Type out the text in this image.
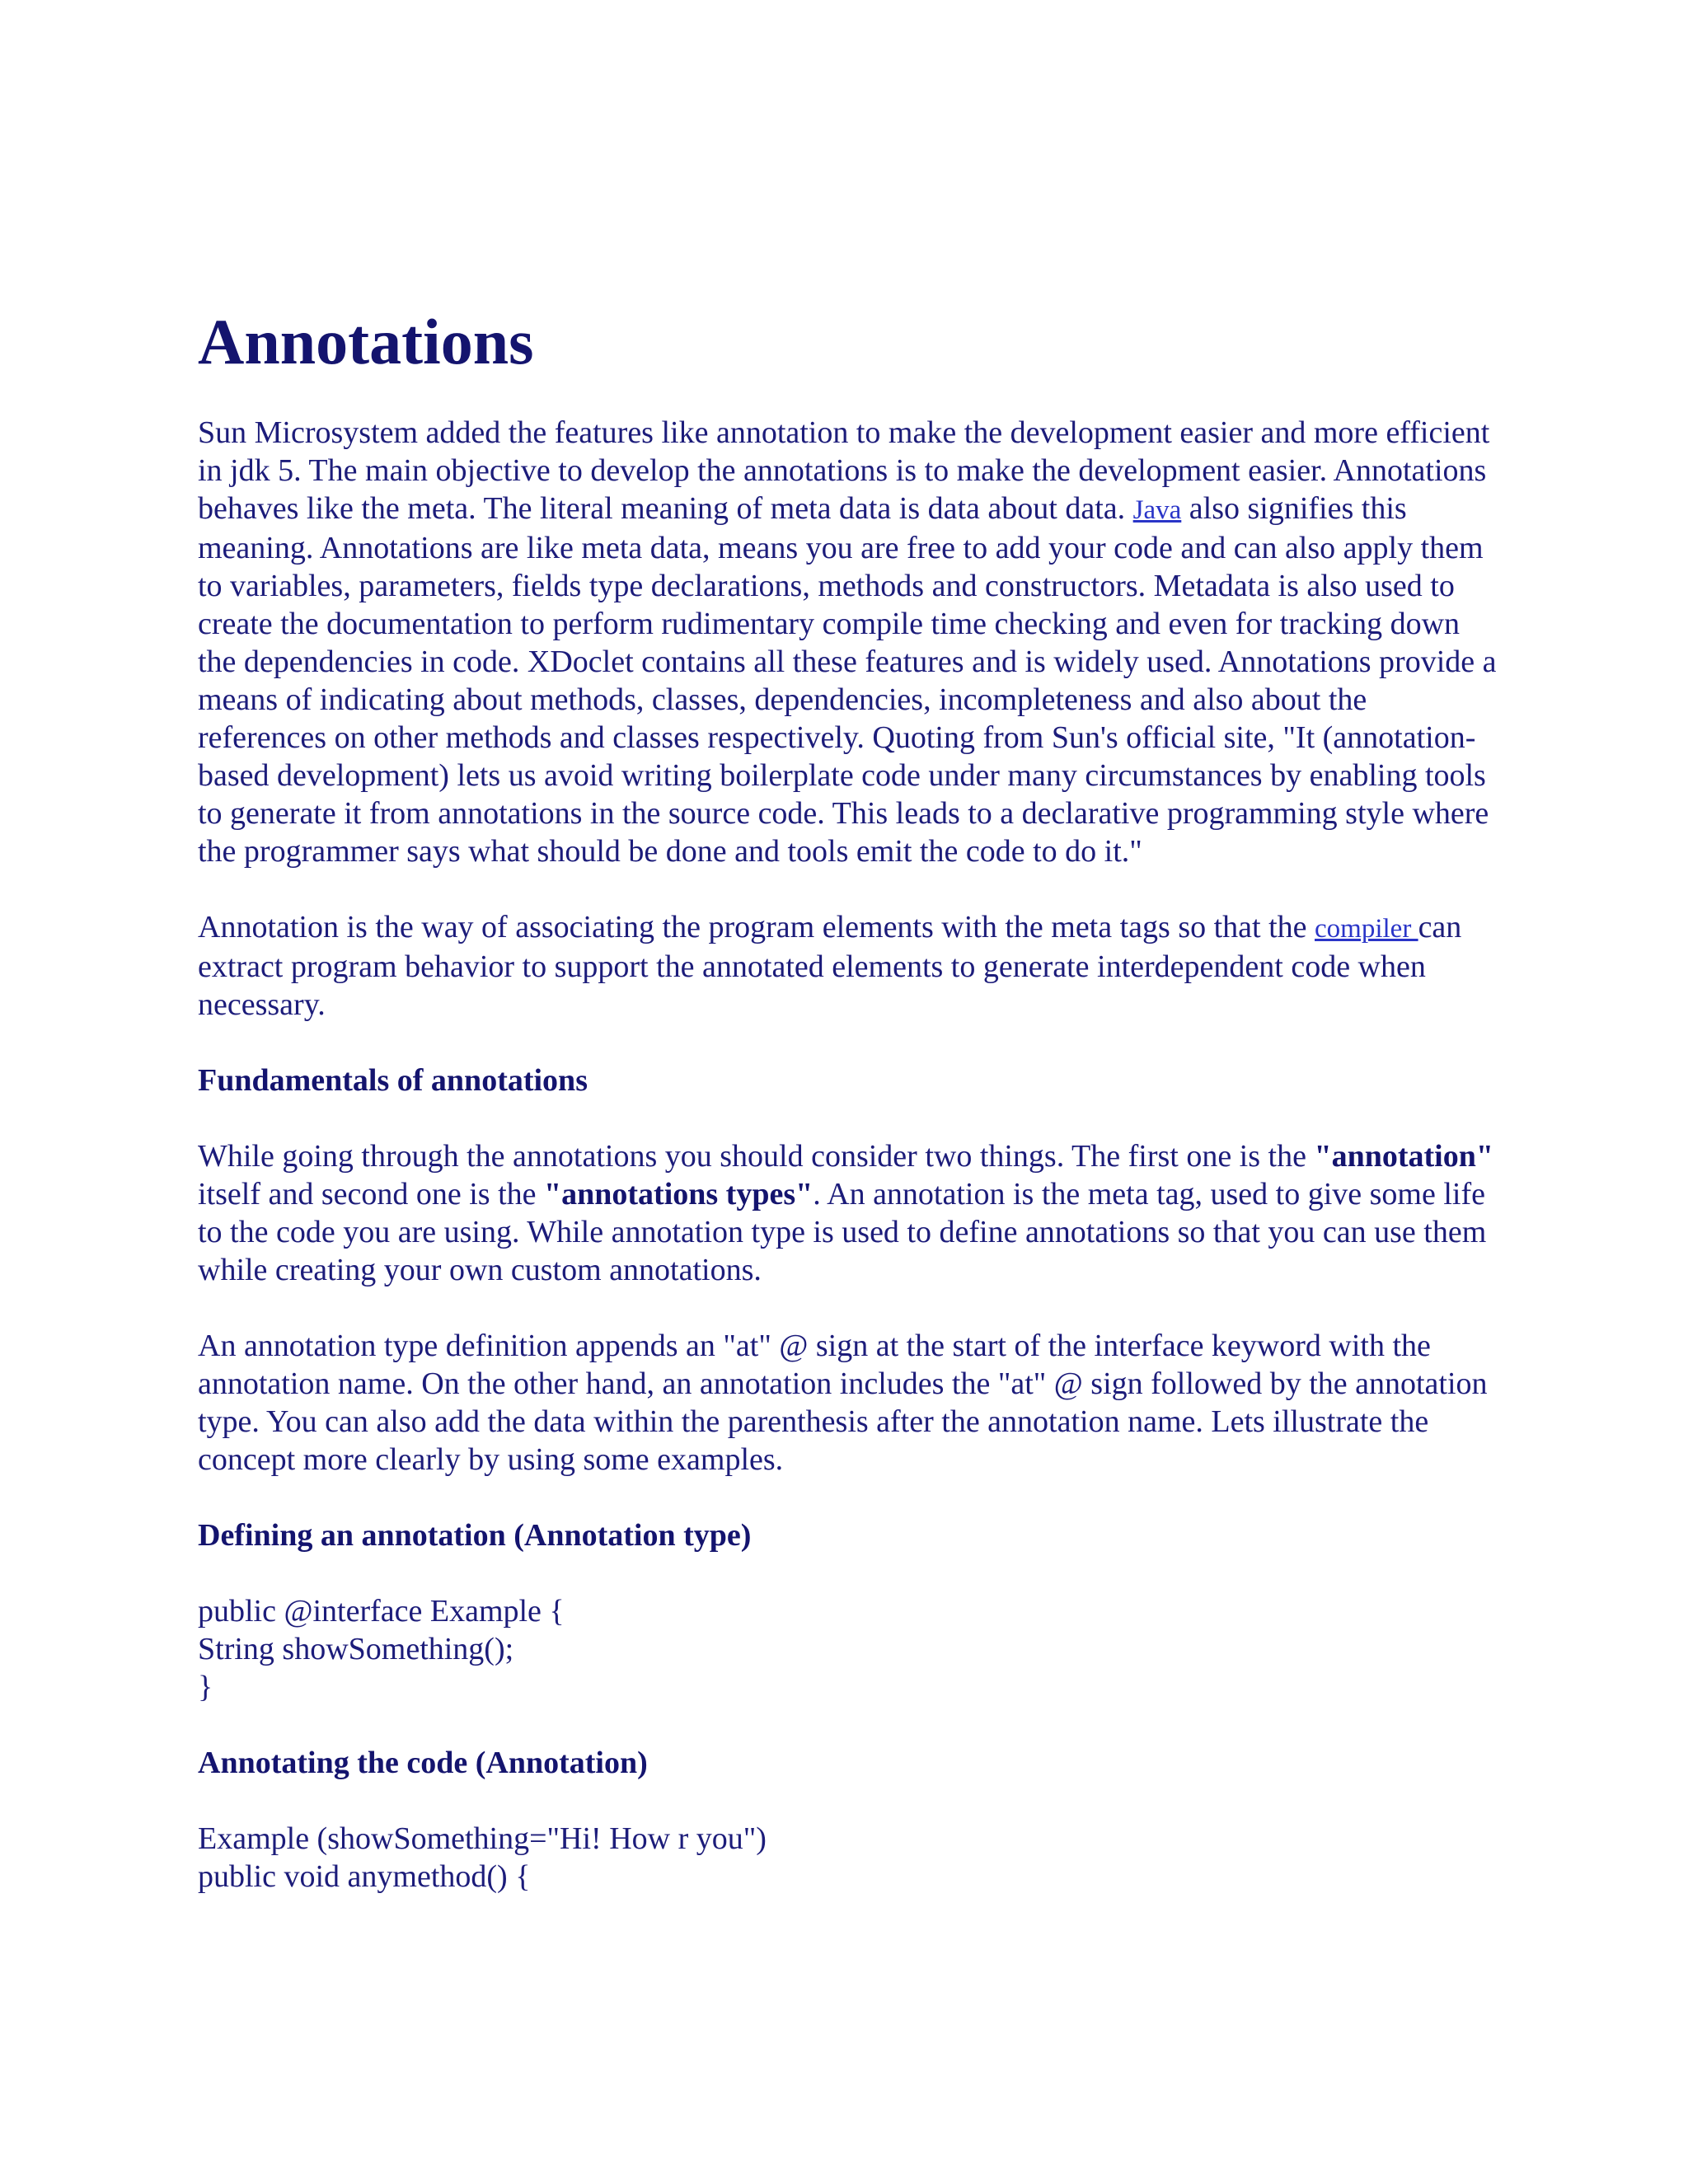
Annotations

Sun Microsystem added the features like annotation to make the development easier and more efficient in jdk 5. The main objective to develop the annotations is to make the development easier. Annotations behaves like the meta. The literal meaning of meta data is data about data. Java also signifies this meaning. Annotations are like meta data, means you are free to add your code and can also apply them to variables, parameters, fields type declarations, methods and constructors. Metadata is also used to create the documentation to perform rudimentary compile time checking and even for tracking down the dependencies in code. XDoclet contains all these features and is widely used. Annotations provide a means of indicating about methods, classes, dependencies, incompleteness and also about the references on other methods and classes respectively. Quoting from Sun's official site, "It (annotation-based development) lets us avoid writing boilerplate code under many circumstances by enabling tools to generate it from annotations in the source code. This leads to a declarative programming style where the programmer says what should be done and tools emit the code to do it."

Annotation is the way of associating the program elements with the meta tags so that the compiler can extract program behavior to support the annotated elements to generate interdependent code when necessary.

Fundamentals of annotations

While going through the annotations you should consider two things. The first one is the "annotation" itself and second one is the "annotations types". An annotation is the meta tag, used to give some life to the code you are using. While annotation type is used to define annotations so that you can use them while creating your own custom annotations.

An annotation type definition appends an "at" @ sign at the start of the interface keyword with the annotation name. On the other hand, an annotation includes the "at" @ sign followed by the annotation type. You can also add the data within the parenthesis after the annotation name. Lets illustrate the concept more clearly by using some examples.

Defining an annotation (Annotation type)

public @interface Example {
String showSomething();
}

Annotating the code (Annotation)

Example (showSomething="Hi! How r you")
public void anymethod() {
